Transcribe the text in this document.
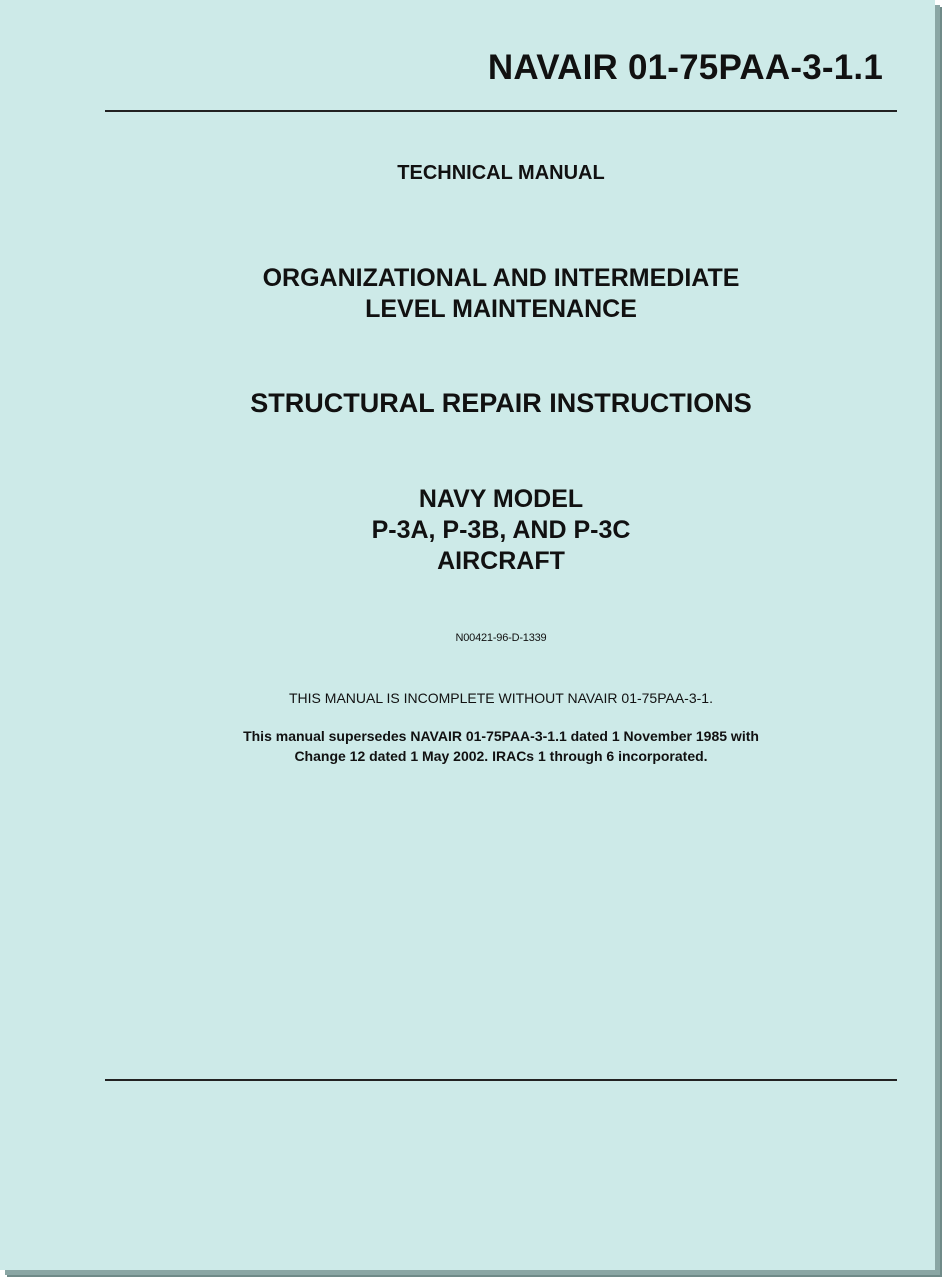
NAVAIR 01-75PAA-3-1.1
TECHNICAL MANUAL
ORGANIZATIONAL AND INTERMEDIATE
LEVEL MAINTENANCE
STRUCTURAL REPAIR INSTRUCTIONS
NAVY MODEL
P-3A, P-3B, AND P-3C
AIRCRAFT
N00421-96-D-1339
THIS MANUAL IS INCOMPLETE WITHOUT NAVAIR 01-75PAA-3-1.
This manual supersedes NAVAIR 01-75PAA-3-1.1 dated 1 November 1985 with
Change 12 dated 1 May 2002. IRACs 1 through 6 incorporated.
